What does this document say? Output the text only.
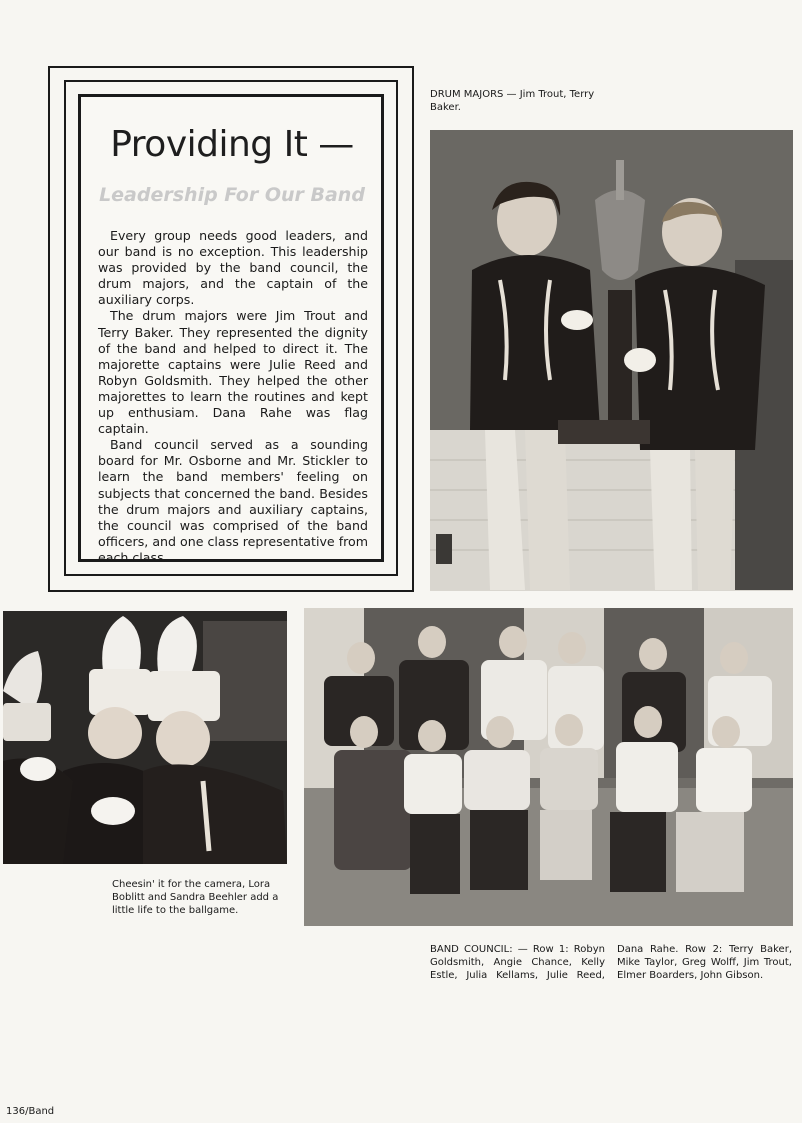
Providing It —
Leadership For Our Band

Every group needs good leaders, and our band is no exception. This leadership was provided by the band council, the drum majors, and the captain of the auxiliary corps.

The drum majors were Jim Trout and Terry Baker. They represented the dignity of the band and helped to direct it. The majorette captains were Julie Reed and Robyn Goldsmith. They helped the other majorettes to learn the routines and kept up enthusiam. Dana Rahe was flag captain.

Band council served as a sounding board for Mr. Osborne and Mr. Stickler to learn the band members' feeling on subjects that concerned the band. Besides the drum majors and auxiliary captains, the council was comprised of the band officers, and one class representative from each class.

DRUM MAJORS — Jim Trout, Terry Baker.
Cheesin' it for the camera, Lora Boblitt and Sandra Beehler add a little life to the ballgame.
BAND COUNCIL: — Row 1: Robyn Goldsmith, Angie Chance, Kelly Estle, Julia Kellams, Julie Reed, Dana Rahe. Row 2: Terry Baker, Mike Taylor, Greg Wolff, Jim Trout, Elmer Boarders, John Gibson.
136/Band
